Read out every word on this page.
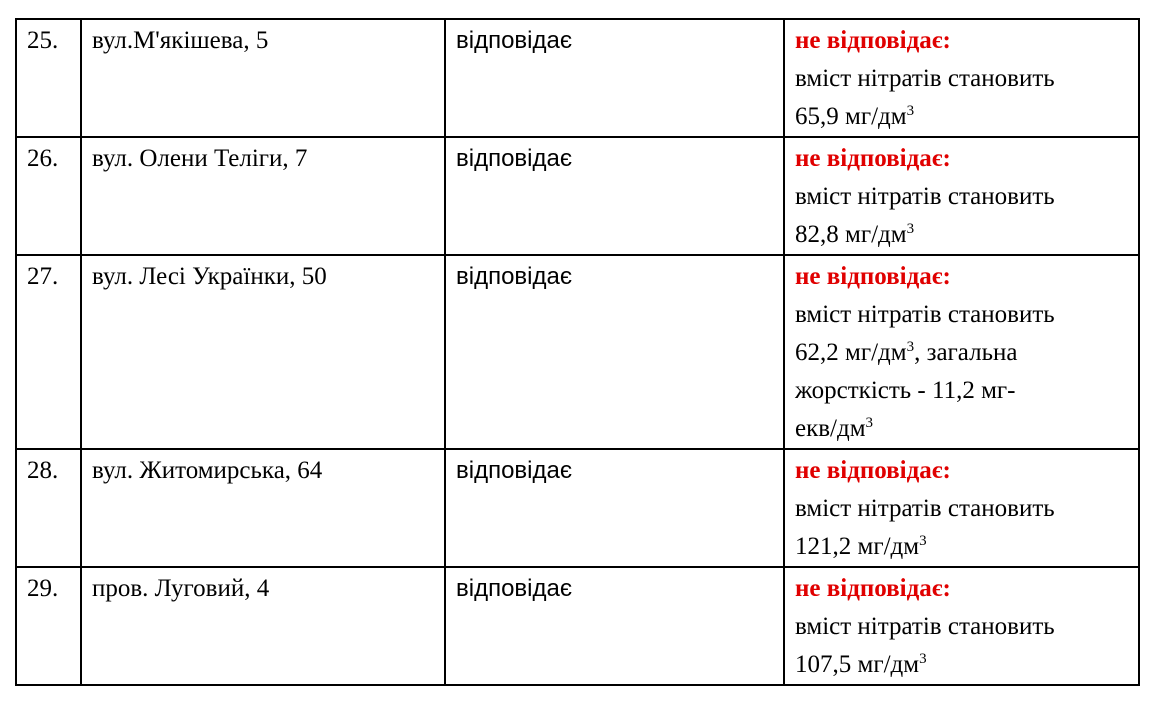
25.	вул.М'якішева, 5	відповідає	не відповідає:
вміст нітратів становить
65,9 $мг/дм^3$

26.	вул. Олени Теліги, 7	відповідає	не відповідає:
вміст нітратів становить
82,8 $мг/дм^3$

27.	вул. Лесі Українки, 50	відповідає	не відповідає:
вміст нітратів становить
62,2 $мг/дм^3$, загальна
жорсткість - 11,2 мг-
екв/$дм^3$

28.	вул. Житомирська, 64	відповідає	не відповідає:
вміст нітратів становить
121,2 $мг/дм^3$

29.	пров. Луговий, 4	відповідає	не відповідає:
вміст нітратів становить
107,5 $мг/дм^3$
